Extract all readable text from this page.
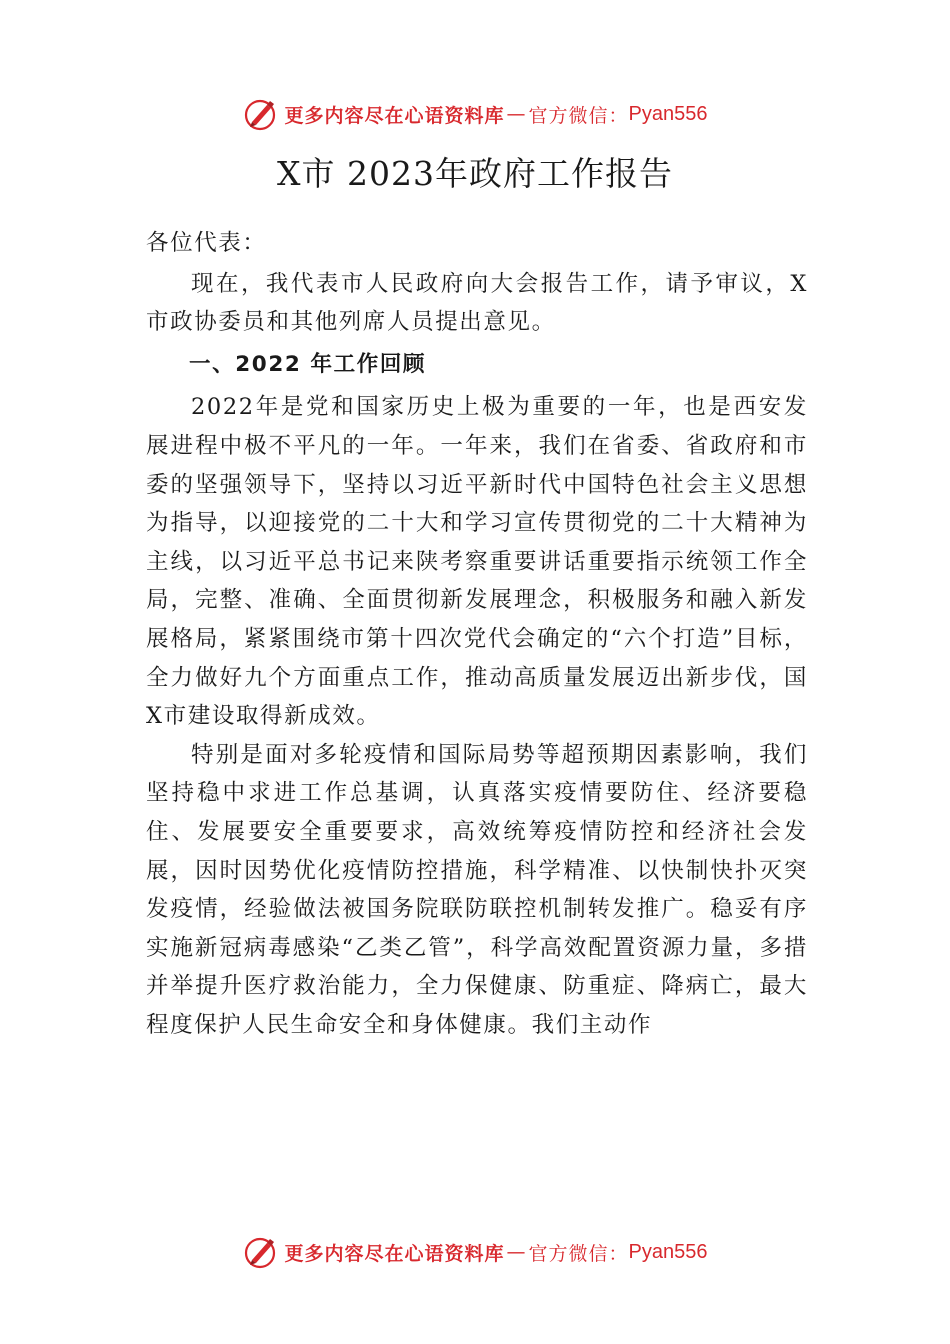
更多内容尽在心语资料库 — 官方微信： Pyan556
X市 2023年政府工作报告

各位代表：

现在，我代表市人民政府向大会报告工作，请予审议，X市政协委员和其他列席人员提出意见。

一、2022 年工作回顾

2022年是党和国家历史上极为重要的一年，也是西安发展进程中极不平凡的一年。一年来，我们在省委、省政府和市委的坚强领导下，坚持以习近平新时代中国特色社会主义思想为指导，以迎接党的二十大和学习宣传贯彻党的二十大精神为主线，以习近平总书记来陕考察重要讲话重要指示统领工作全局，完整、准确、全面贯彻新发展理念，积极服务和融入新发展格局，紧紧围绕市第十四次党代会确定的“六个打造”目标，全力做好九个方面重点工作，推动高质量发展迈出新步伐，国X市建设取得新成效。

特别是面对多轮疫情和国际局势等超预期因素影响，我们坚持稳中求进工作总基调，认真落实疫情要防住、经济要稳住、发展要安全重要要求，高效统筹疫情防控和经济社会发展，因时因势优化疫情防控措施，科学精准、以快制快扑灭突发疫情，经验做法被国务院联防联控机制转发推广。稳妥有序实施新冠病毒感染“乙类乙管”，科学高效配置资源力量，多措并举提升医疗救治能力，全力保健康、防重症、降病亡，最大程度保护人民生命安全和身体健康。我们主动作

更多内容尽在心语资料库 — 官方微信： Pyan556
